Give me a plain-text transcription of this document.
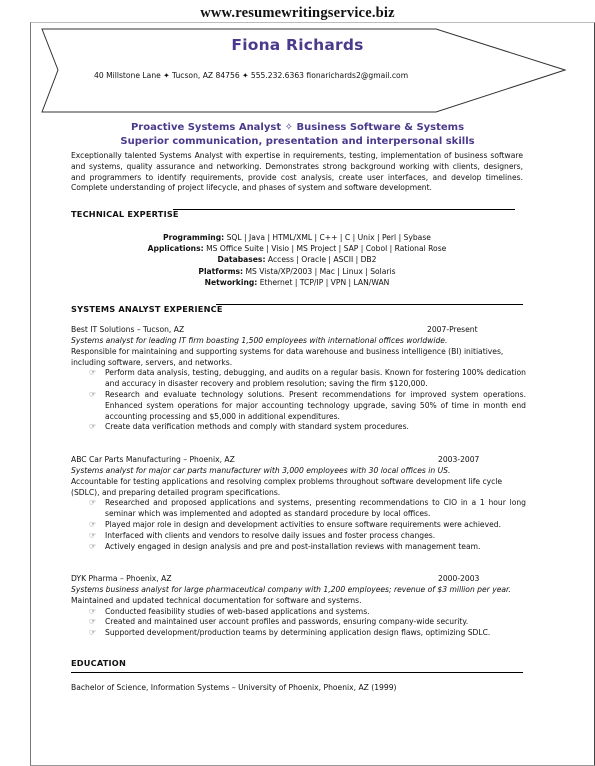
www.resumewritingservice.biz
Fiona Richards
40 Millstone Lane ✦ Tucson, AZ 84756 ✦ 555.232.6363 fionarichards2@gmail.com
Proactive Systems Analyst ✧ Business Software & Systems
Superior communication, presentation and interpersonal skills
Exceptionally talented Systems Analyst with expertise in requirements, testing, implementation of business software and systems, quality assurance and networking. Demonstrates strong background working with clients, designers, and programmers to identify requirements, provide cost analysis, create user interfaces, and develop timelines. Complete understanding of project lifecycle, and phases of system and software development.
TECHNICAL EXPERTISE
Programming: SQL | Java | HTML/XML | C++ | C | Unix | Perl | Sybase
Applications: MS Office Suite | Visio | MS Project | SAP | Cobol | Rational Rose
Databases: Access | Oracle | ASCII | DB2
Platforms: MS Vista/XP/2003 | Mac | Linux | Solaris
Networking: Ethernet | TCP/IP | VPN | LAN/WAN
SYSTEMS ANALYST EXPERIENCE
Best IT Solutions – Tucson, AZ	2007-Present
Systems analyst for leading IT firm boasting 1,500 employees with international offices worldwide.
Responsible for maintaining and supporting systems for data warehouse and business intelligence (BI) initiatives, including software, servers, and networks.
☞ Perform data analysis, testing, debugging, and audits on a regular basis. Known for fostering 100% dedication and accuracy in disaster recovery and problem resolution; saving the firm $120,000.
☞ Research and evaluate technology solutions. Present recommendations for improved system operations. Enhanced system operations for major accounting technology upgrade, saving 50% of time in month end accounting processing and $5,000 in additional expenditures.
☞ Create data verification methods and comply with standard system procedures.
ABC Car Parts Manufacturing – Phoenix, AZ	2003-2007
Systems analyst for major car parts manufacturer with 3,000 employees with 30 local offices in US.
Accountable for testing applications and resolving complex problems throughout software development life cycle (SDLC), and preparing detailed program specifications.
☞ Researched and proposed applications and systems, presenting recommendations to CIO in a 1 hour long seminar which was implemented and adopted as standard procedure by local offices.
☞ Played major role in design and development activities to ensure software requirements were achieved.
☞ Interfaced with clients and vendors to resolve daily issues and foster process changes.
☞ Actively engaged in design analysis and pre and post-installation reviews with management team.
DYK Pharma – Phoenix, AZ	2000-2003
Systems business analyst for large pharmaceutical company with 1,200 employees; revenue of $3 million per year.
Maintained and updated technical documentation for software and systems.
☞ Conducted feasibility studies of web-based applications and systems.
☞ Created and maintained user account profiles and passwords, ensuring company-wide security.
☞ Supported development/production teams by determining application design flaws, optimizing SDLC.
EDUCATION
Bachelor of Science, Information Systems – University of Phoenix, Phoenix, AZ (1999)
